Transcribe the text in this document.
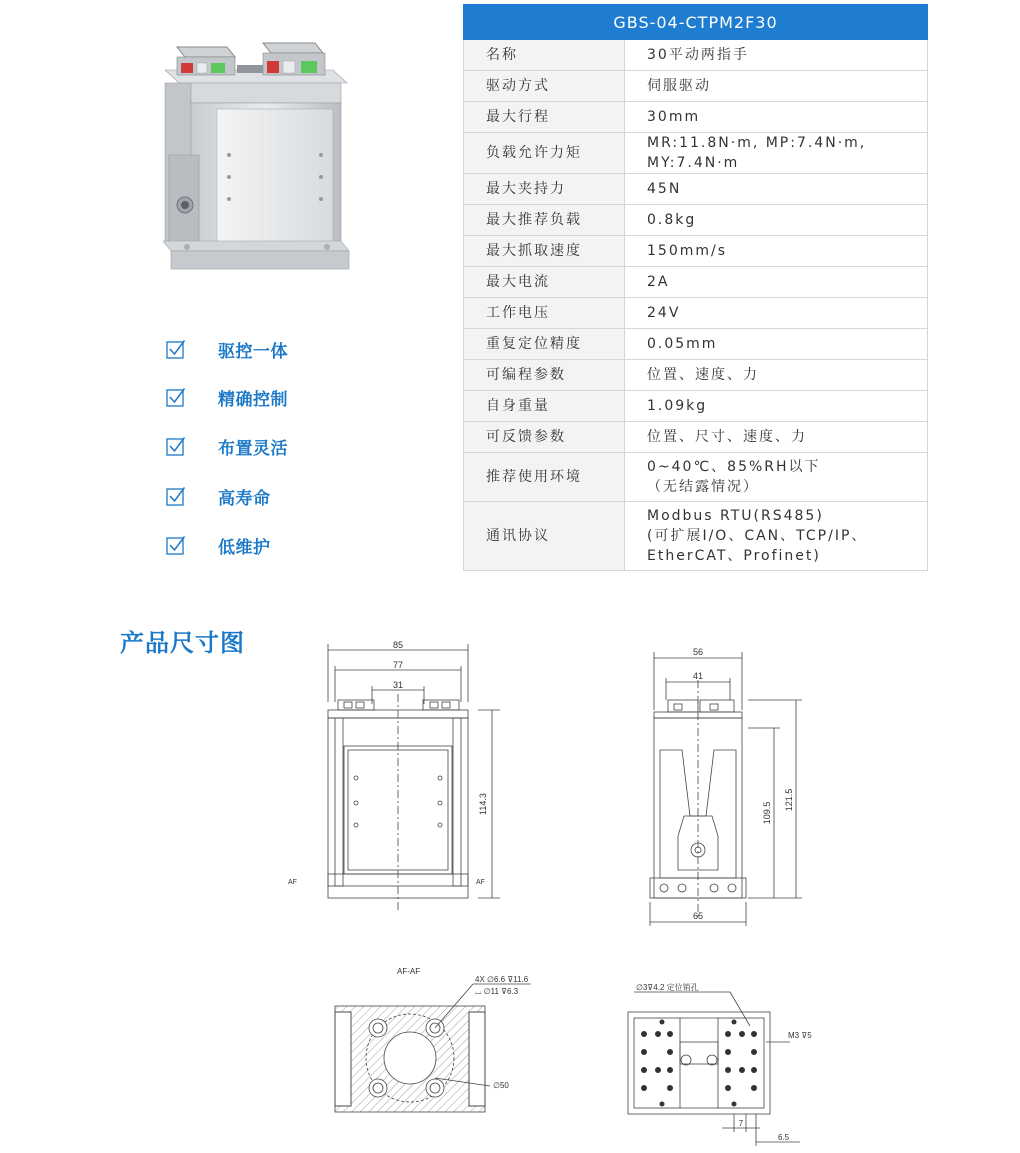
驱控一体
精确控制
布置灵活
高寿命
低维护
GBS-04-CTPM2F30	
名称	30平动两指手

驱动方式	伺服驱动

最大行程	30mm

负载允许力矩	MR:11.8N·m, MP:7.4N·m,
MY:7.4N·m

最大夹持力	45N

最大推荐负载	0.8kg

最大抓取速度	150mm/s

最大电流	2A

工作电压	24V

重复定位精度	0.05mm

可编程参数	位置、速度、力

自身重量	1.09kg

可反馈参数	位置、尺寸、速度、力

推荐使用环境	0~40℃、85%RH以下
（无结露情况）

通讯协议	Modbus RTU(RS485)
(可扩展I/O、CAN、TCP/IP、
EtherCAT、Profinet)
产品尺寸图	85
77
31
114.3
AF	AF
56
41
65
109.5
121.5
AF-AF
4X ∅6.6 ⊽11.6
⌴ ∅11 ⊽6.3
∅50
∅3⊽4.2 定位销孔
M3 ⊽5
7
6.5
